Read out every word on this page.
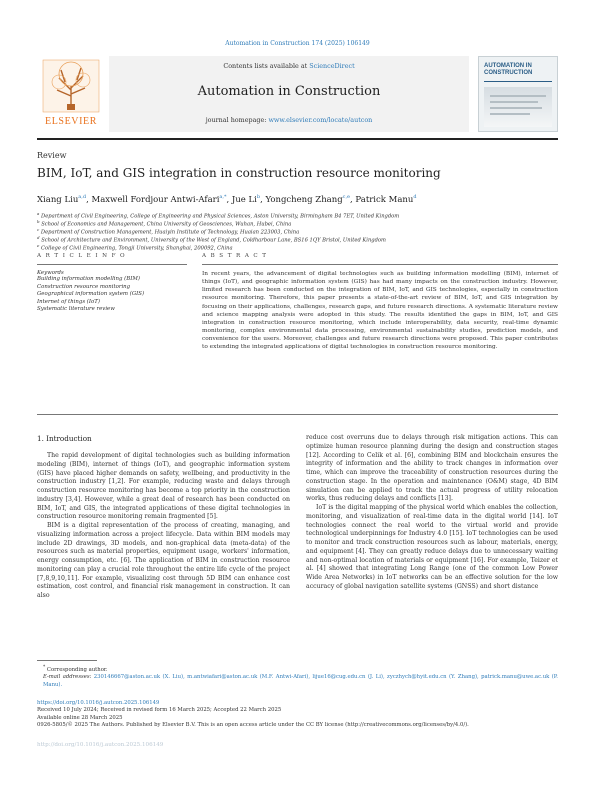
Automation in Construction 174 (2025) 106149
ELSEVIER
Contents lists available at ScienceDirect
Automation in Construction
journal homepage: www.elsevier.com/locate/autcon
AUTOMATION IN
CONSTRUCTION
Review
BIM, IoT, and GIS integration in construction resource monitoring
Xiang Liu$^{a,d}$, Maxwell Fordjour Antwi-Afari$^{a,*}$, Jue Li$^b$, Yongcheng Zhang$^{c,e}$, Patrick Manu$^d$
$^a$ Department of Civil Engineering, College of Engineering and Physical Sciences, Aston University, Birmingham B4 7ET, United Kingdom
$^b$ School of Economics and Management, China University of Geosciences, Wuhan, Hubei, China
$^c$ Department of Construction Management, Huaiyin Institute of Technology, Huaian 223003, China
$^d$ School of Architecture and Environment, University of the West of England, Coldharbour Lane, BS16 1QY Bristol, United Kingdom
$^e$ College of Civil Engineering, Tongji University, Shanghai, 200092, China
A R T I C L E I N F O	A B S T R A C T
Keywords
Building information modelling (BIM)
Construction resource monitoring
Geographical information system (GIS)
Internet of things (IoT)
Systematic literature review
In recent years, the advancement of digital technologies such as building information modelling (BIM), internet of things (IoT), and geographic information system (GIS) has had many impacts on the construction industry. However, limited research has been conducted on the integration of BIM, IoT, and GIS technologies, especially in construction resource monitoring. Therefore, this paper presents a state-of-the-art review of BIM, IoT, and GIS integration by focusing on their applications, challenges, research gaps, and future research directions. A systematic literature review and science mapping analysis were adopted in this study. The results identified the gaps in BIM, IoT, and GIS integration in construction resource monitoring, which include interoperability, data security, real-time dynamic monitoring, complex environmental data processing, environmental sustainability studies, prediction models, and convenience for the users. Moreover, challenges and future research directions were proposed. This paper contributes to extending the integrated applications of digital technologies in construction resource monitoring.
1. Introduction

The rapid development of digital technologies such as building information modeling (BIM), internet of things (IoT), and geographic information system (GIS) have placed higher demands on safety, wellbeing, and productivity in the construction industry [1,2]. For example, reducing waste and delays through construction resource monitoring has become a top priority in the construction industry [3,4]. However, while a great deal of research has been conducted on BIM, IoT, and GIS, the integrated applications of these digital technologies in construction resource monitoring remain fragmented [5].

BIM is a digital representation of the process of creating, managing, and visualizing information across a project lifecycle. Data within BIM models may include 2D drawings, 3D models, and non-graphical data (meta-data) of the resources such as material properties, equipment usage, workers' information, energy consumption, etc. [6]. The application of BIM in construction resource monitoring can play a crucial role throughout the entire life cycle of the project [7,8,9,10,11]. For example, visualizing cost through 5D BIM can enhance cost estimation, cost control, and financial risk management in construction. It can also

reduce cost overruns due to delays through risk mitigation actions. This can optimize human resource planning during the design and construction stages [12]. According to Celik et al. [6], combining BIM and blockchain ensures the integrity of information and the ability to track changes in information over time, which can improve the traceability of construction resources during the construction stage. In the operation and maintenance (O&M) stage, 4D BIM simulation can be applied to track the actual progress of utility relocation works, thus reducing delays and conflicts [13].

IoT is the digital mapping of the physical world which enables the collection, monitoring, and visualization of real-time data in the digital world [14]. IoT technologies connect the real world to the virtual world and provide technological underpinnings for Industry 4.0 [15]. IoT technologies can be used to monitor and track construction resources such as labour, materials, energy, and equipment [4]. They can greatly reduce delays due to unnecessary waiting and non-optimal location of materials or equipment [16]. For example, Teizer et al. [4] showed that integrating Long Range (one of the common Low Power Wide Area Networks) in IoT networks can be an effective solution for the low accuracy of global navigation satellite systems (GNSS) and short distance

* Corresponding author.
E-mail addresses: 230146667@aston.ac.uk (X. Liu), m.antwiafari@aston.ac.uk (M.F. Antwi-Afari), lijue16@cug.edu.cn (J. Li), zyczhych@hyit.edu.cn (Y. Zhang), patrick.manu@uwe.ac.uk (P. Manu).
https://doi.org/10.1016/j.autcon.2025.106149
Received 10 July 2024; Received in revised form 16 March 2025; Accepted 22 March 2025
Available online 28 March 2025
0926-5805/© 2025 The Authors. Published by Elsevier B.V. This is an open access article under the CC BY license (http://creativecommons.org/licenses/by/4.0/).
http://doi.org/10.1016/j.autcon.2025.106149
